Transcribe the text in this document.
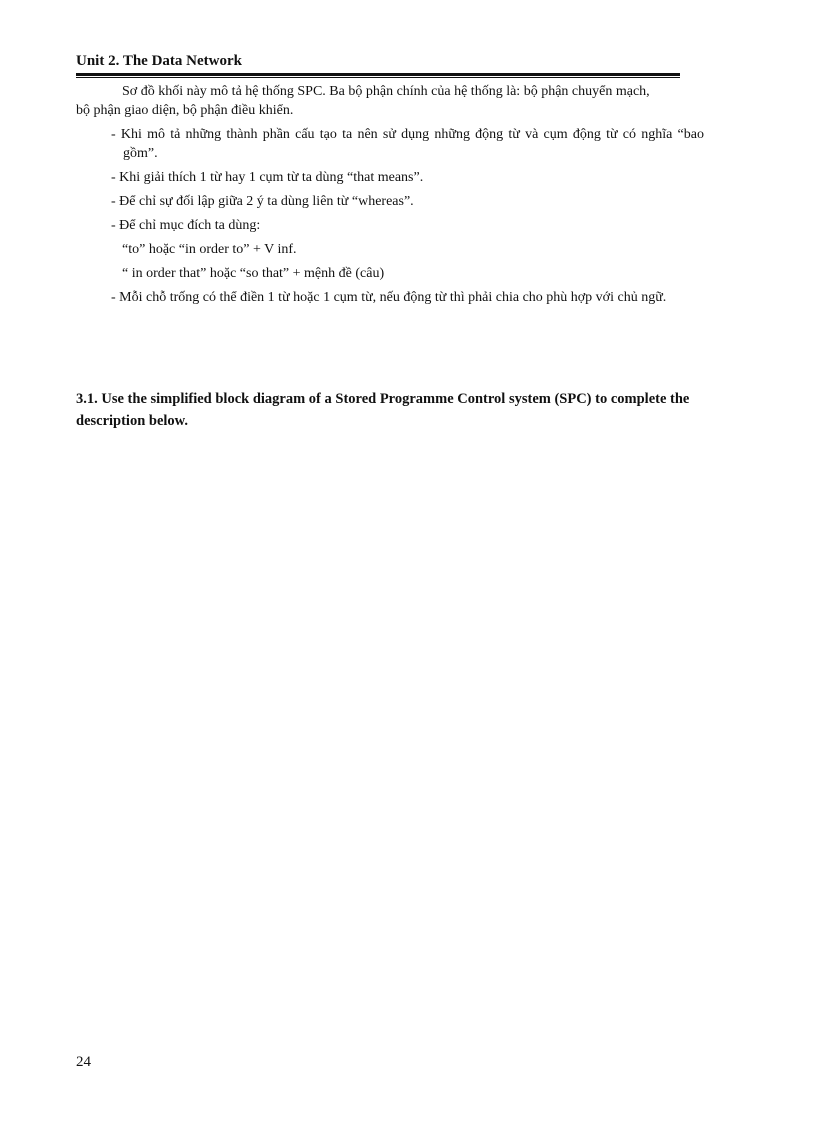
Unit 2. The Data Network

Sơ đồ khối này mô tả hệ thống SPC. Ba bộ phận chính của hệ thống là: bộ phận chuyển mạch,
bộ phận giao diện, bộ phận điều khiển.

- Khi mô tả những thành phần cấu tạo ta nên sử dụng những động từ và cụm động từ có nghĩa “bao gồm”.

- Khi giải thích 1 từ hay 1 cụm từ ta dùng “that means”.

- Để chỉ sự đối lập giữa 2 ý ta dùng liên từ “whereas”.

- Để chỉ mục đích ta dùng:

“to” hoặc “in order to” + V inf.

“ in order that” hoặc “so that” + mệnh đề (câu)

- Mỗi chỗ trống có thể điền 1 từ hoặc 1 cụm từ, nếu động từ thì phải chia cho phù hợp với chủ ngữ.

3.1. Use the simplified block diagram of a Stored Programme Control system (SPC) to complete the description below.

24
